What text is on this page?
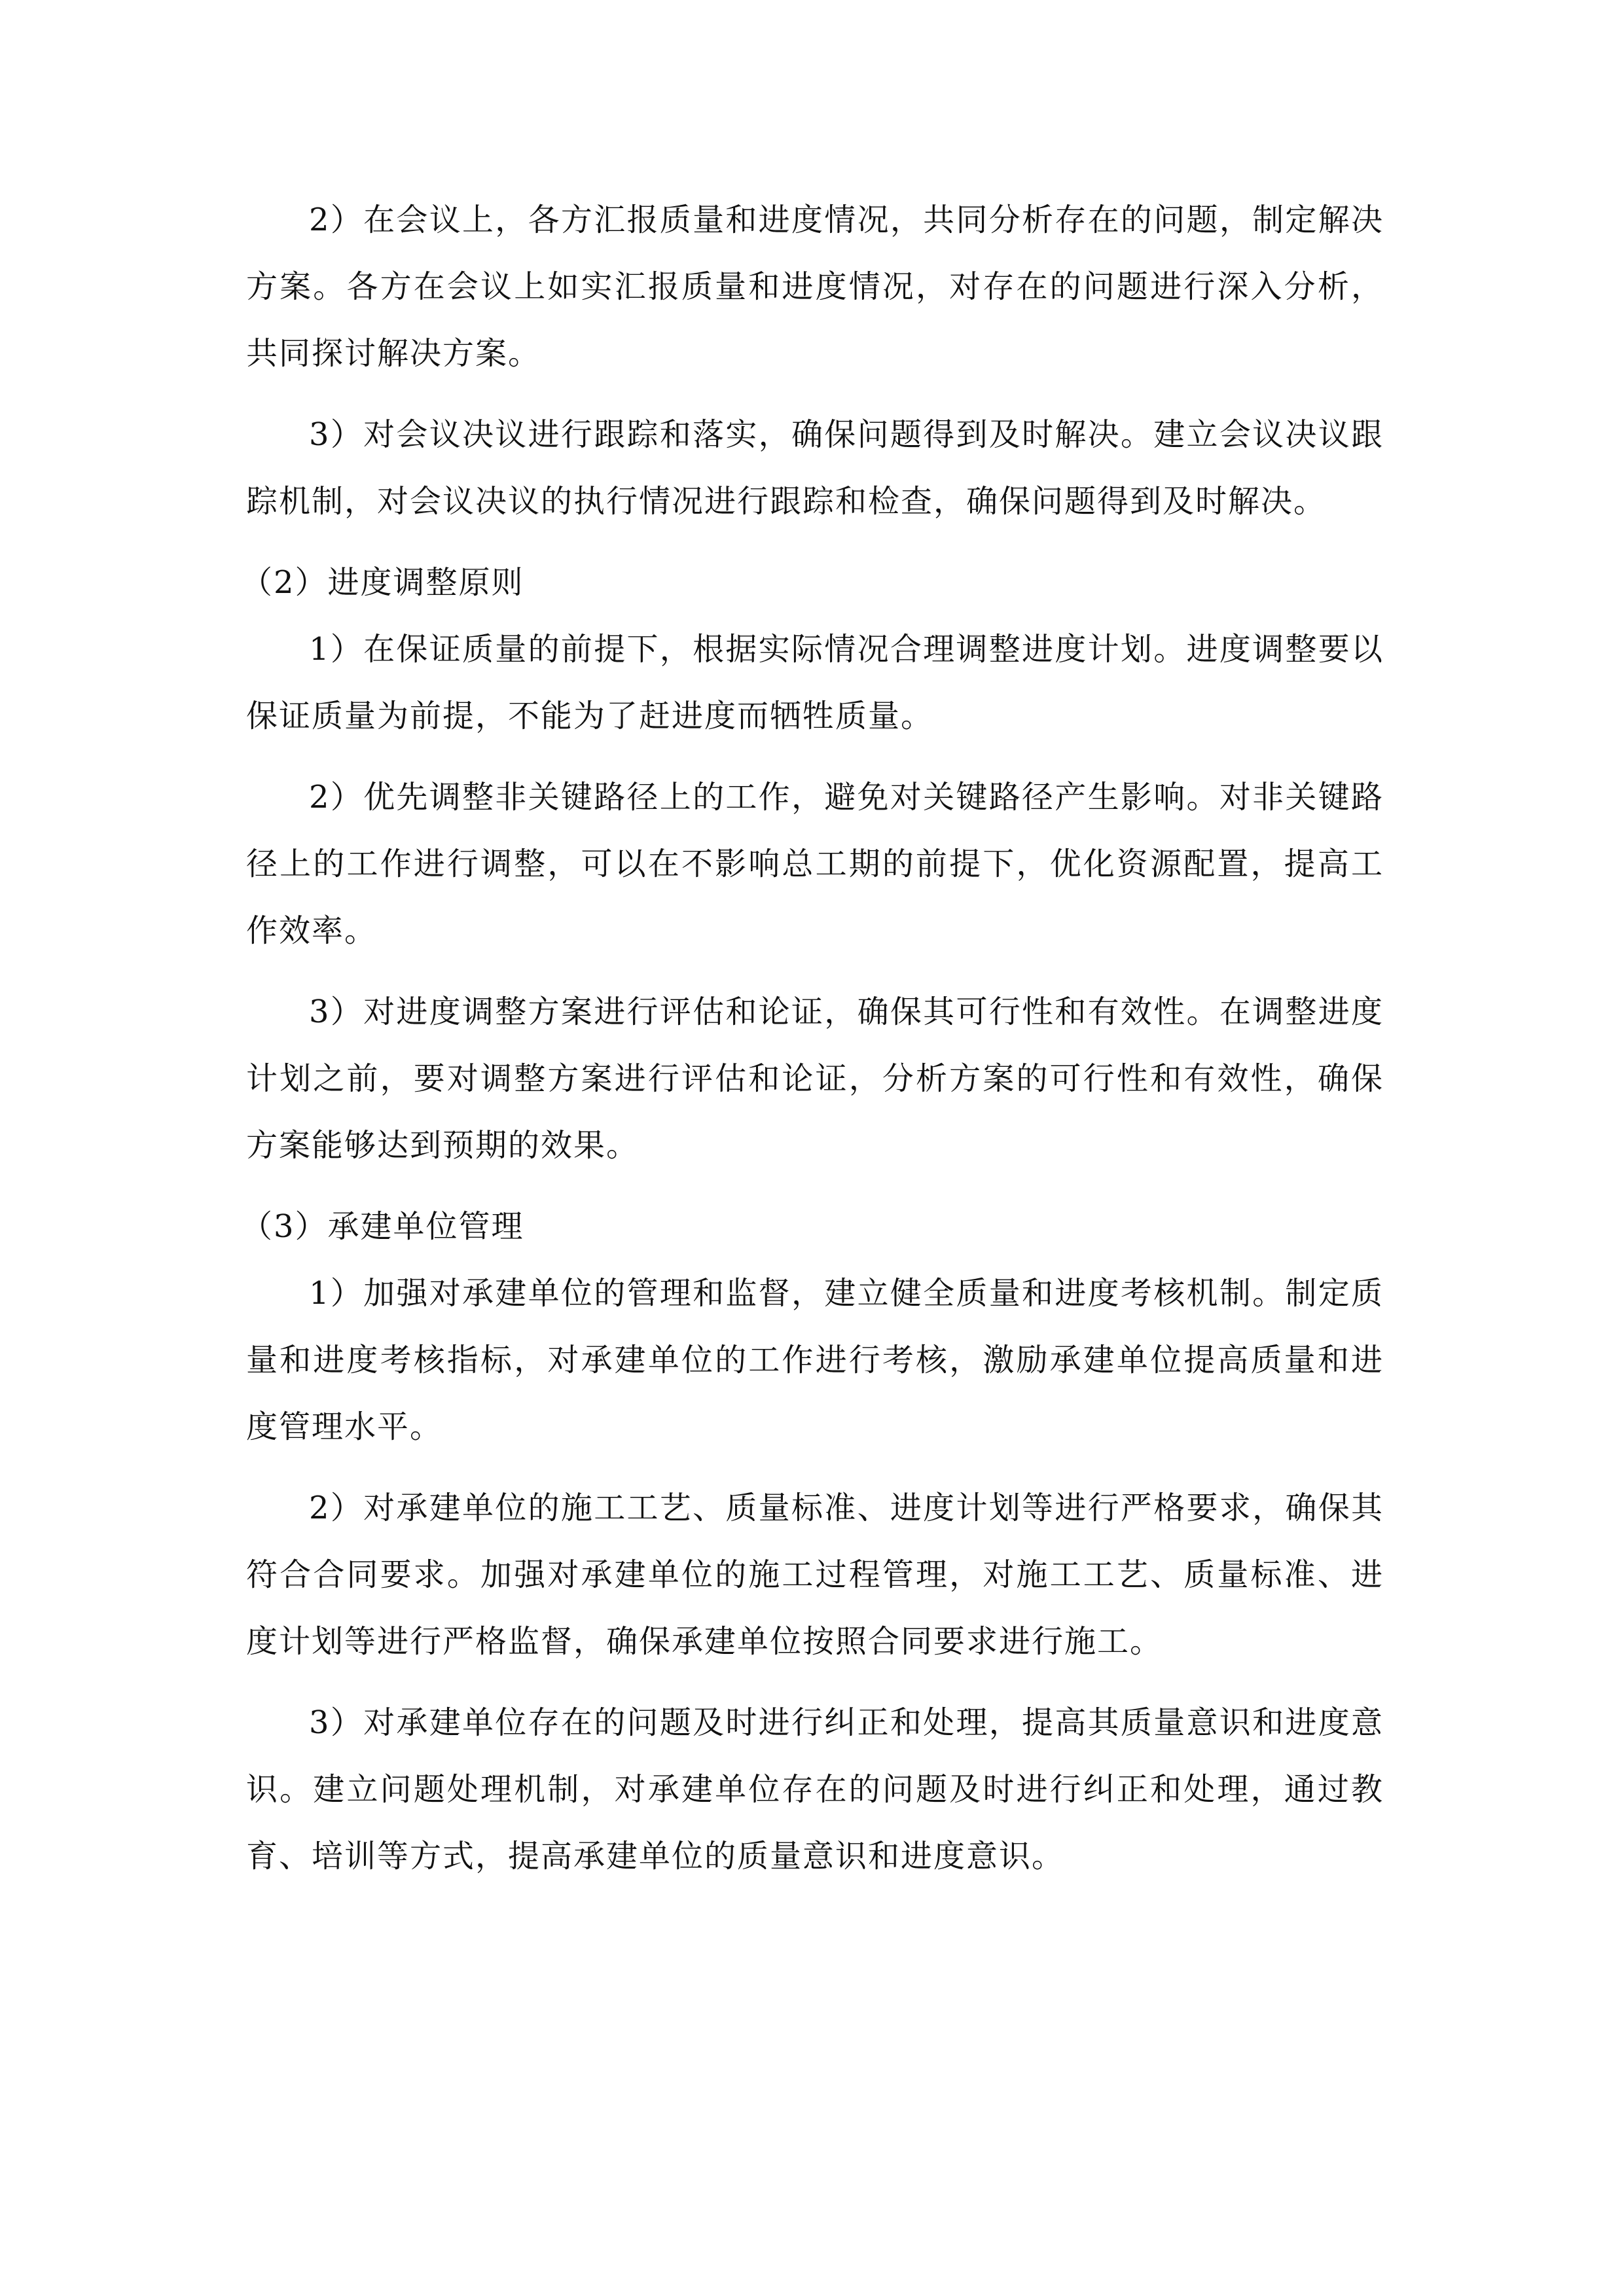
2）在会议上，各方汇报质量和进度情况，共同分析存在的问题，制定解决方案。各方在会议上如实汇报质量和进度情况，对存在的问题进行深入分析，共同探讨解决方案。

3）对会议决议进行跟踪和落实，确保问题得到及时解决。建立会议决议跟踪机制，对会议决议的执行情况进行跟踪和检查，确保问题得到及时解决。

（2）进度调整原则

1）在保证质量的前提下，根据实际情况合理调整进度计划。进度调整要以保证质量为前提，不能为了赶进度而牺牲质量。

2）优先调整非关键路径上的工作，避免对关键路径产生影响。对非关键路径上的工作进行调整，可以在不影响总工期的前提下，优化资源配置，提高工作效率。

3）对进度调整方案进行评估和论证，确保其可行性和有效性。在调整进度计划之前，要对调整方案进行评估和论证，分析方案的可行性和有效性，确保方案能够达到预期的效果。

（3）承建单位管理

1）加强对承建单位的管理和监督，建立健全质量和进度考核机制。制定质量和进度考核指标，对承建单位的工作进行考核，激励承建单位提高质量和进度管理水平。

2）对承建单位的施工工艺、质量标准、进度计划等进行严格要求，确保其符合合同要求。加强对承建单位的施工过程管理，对施工工艺、质量标准、进度计划等进行严格监督，确保承建单位按照合同要求进行施工。

3）对承建单位存在的问题及时进行纠正和处理，提高其质量意识和进度意识。建立问题处理机制，对承建单位存在的问题及时进行纠正和处理，通过教育、培训等方式，提高承建单位的质量意识和进度意识。
